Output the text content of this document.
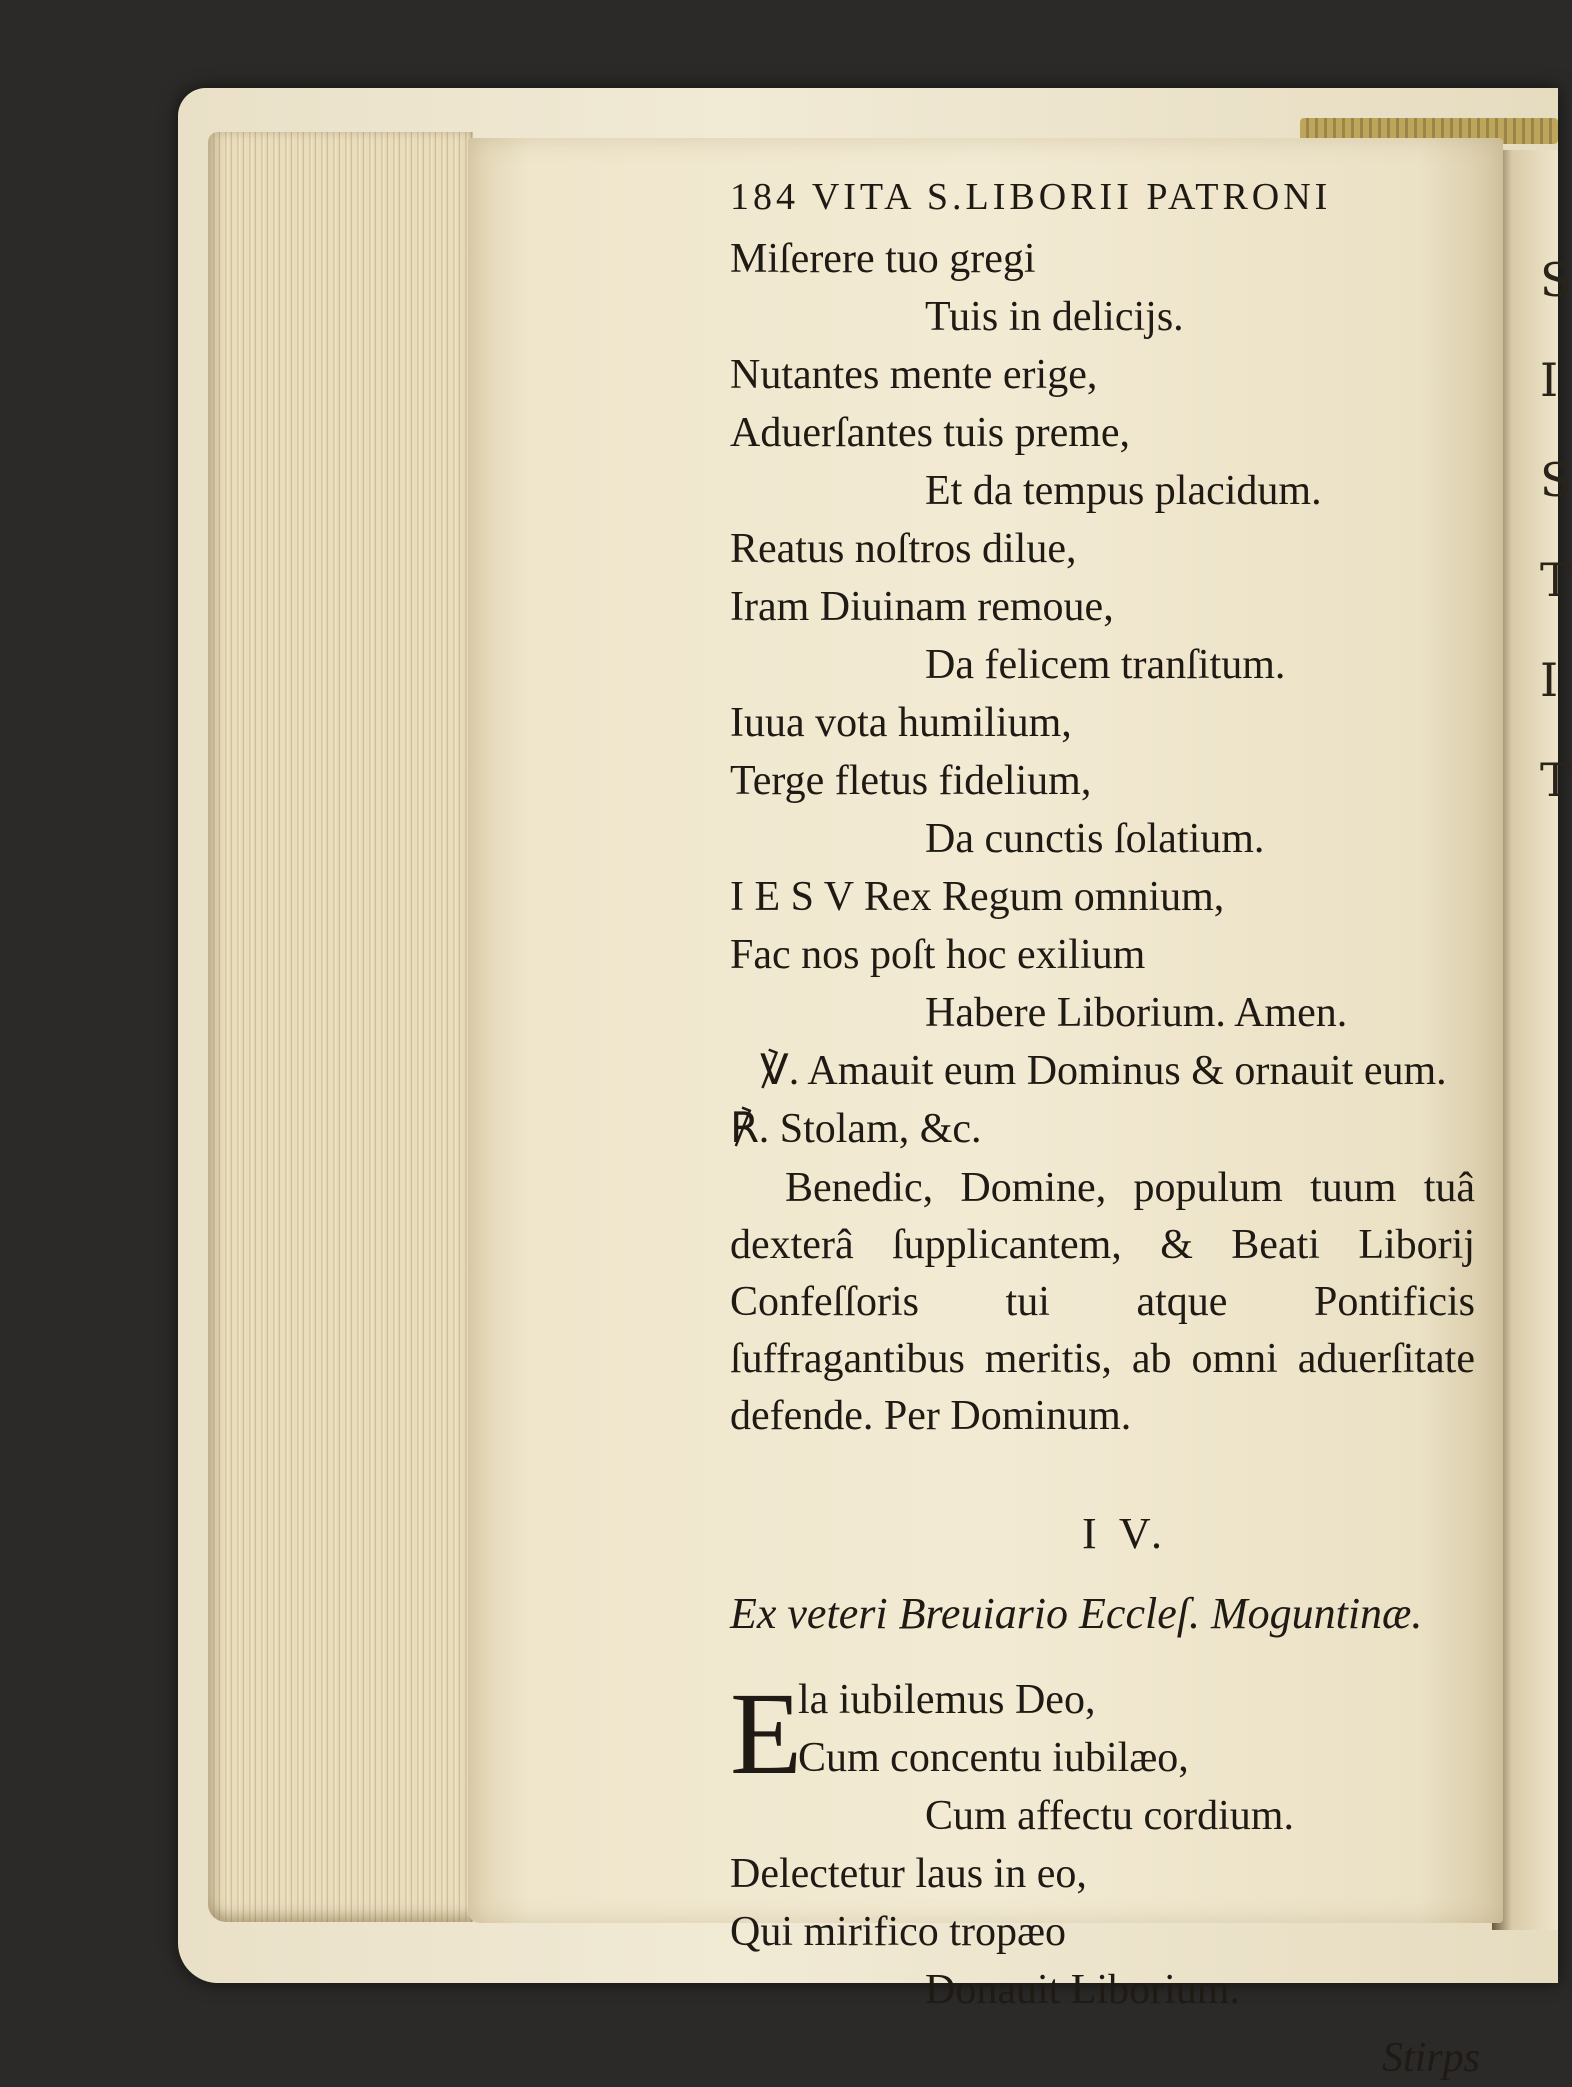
S
I
S
T
I
T
184 VITA S.LIBORII PATRONI
Miſerere tuo gregi
Tuis in delicijs.
Nutantes mente erige,
Aduerſantes tuis preme,
Et da tempus placidum.
Reatus noſtros dilue,
Iram Diuinam remoue,
Da felicem tranſitum.
Iuua vota humilium,
Terge fletus fidelium,
Da cunctis ſolatium.
I E S V Rex Regum omnium,
Fac nos poſt hoc exilium
Habere Liborium. Amen.
℣. Amauit eum Dominus & ornauit eum.
℟. Stolam, &c.
Benedic, Domine, populum tuum tuâ dexterâ ſupplicantem, & Beati Liborij Confeſſoris tui atque Pontificis ſuffragantibus meritis, ab omni aduerſitate defende. Per Dominum.
I V.
Ex veteri Breuiario Eccleſ. Moguntinæ.
E
la iubilemus Deo,
Cum concentu iubilæo,
Cum affectu cordium.
Delectetur laus in eo,
Qui mirifico tropæo
Donauit Liborium.
Stirps
